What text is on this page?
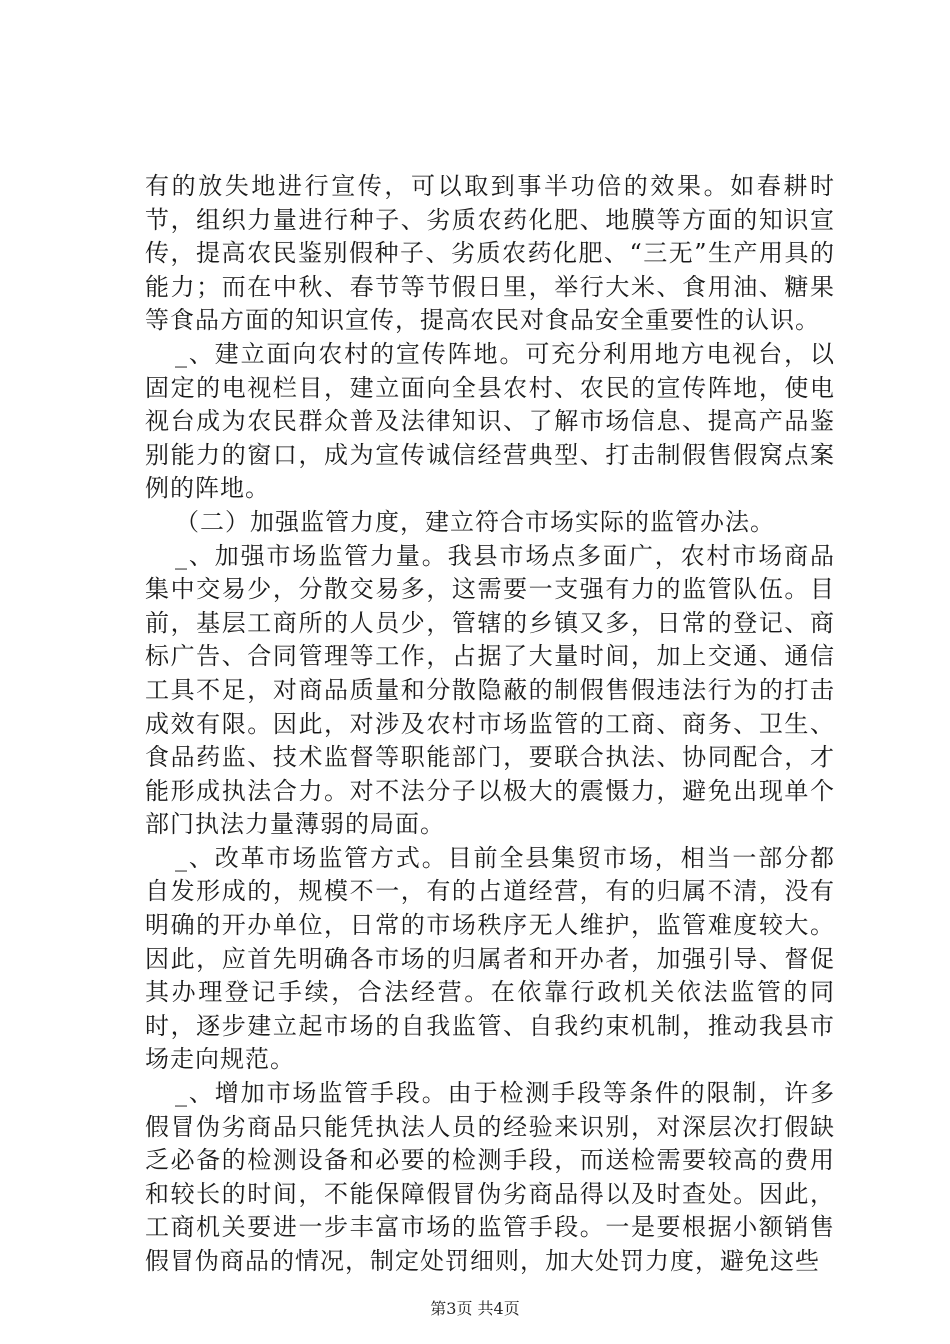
有的放失地进行宣传，可以取到事半功倍的效果。如春耕时节，组织力量进行种子、劣质农药化肥、地膜等方面的知识宣传，提高农民鉴别假种子、劣质农药化肥、“三无”生产用具的能力；而在中秋、春节等节假日里，举行大米、食用油、糖果等食品方面的知识宣传，提高农民对食品安全重要性的认识。

_、建立面向农村的宣传阵地。可充分利用地方电视台，以固定的电视栏目，建立面向全县农村、农民的宣传阵地，使电视台成为农民群众普及法律知识、了解市场信息、提高产品鉴别能力的窗口，成为宣传诚信经营典型、打击制假售假窝点案例的阵地。

（二）加强监管力度，建立符合市场实际的监管办法。

_、加强市场监管力量。我县市场点多面广，农村市场商品集中交易少，分散交易多，这需要一支强有力的监管队伍。目前，基层工商所的人员少，管辖的乡镇又多，日常的登记、商标广告、合同管理等工作，占据了大量时间，加上交通、通信工具不足，对商品质量和分散隐蔽的制假售假违法行为的打击成效有限。因此，对涉及农村市场监管的工商、商务、卫生、食品药监、技术监督等职能部门，要联合执法、协同配合，才能形成执法合力。对不法分子以极大的震慑力，避免出现单个部门执法力量薄弱的局面。

_、改革市场监管方式。目前全县集贸市场，相当一部分都自发形成的，规模不一，有的占道经营，有的归属不清，没有明确的开办单位，日常的市场秩序无人维护，监管难度较大。因此，应首先明确各市场的归属者和开办者，加强引导、督促其办理登记手续，合法经营。在依靠行政机关依法监管的同时，逐步建立起市场的自我监管、自我约束机制，推动我县市场走向规范。

_、增加市场监管手段。由于检测手段等条件的限制，许多假冒伪劣商品只能凭执法人员的经验来识别，对深层次打假缺乏必备的检测设备和必要的检测手段，而送检需要较高的费用和较长的时间，不能保障假冒伪劣商品得以及时查处。因此，工商机关要进一步丰富市场的监管手段。一是要根据小额销售假冒伪商品的情况，制定处罚细则，加大处罚力度，避免这些

第3页 共4页
